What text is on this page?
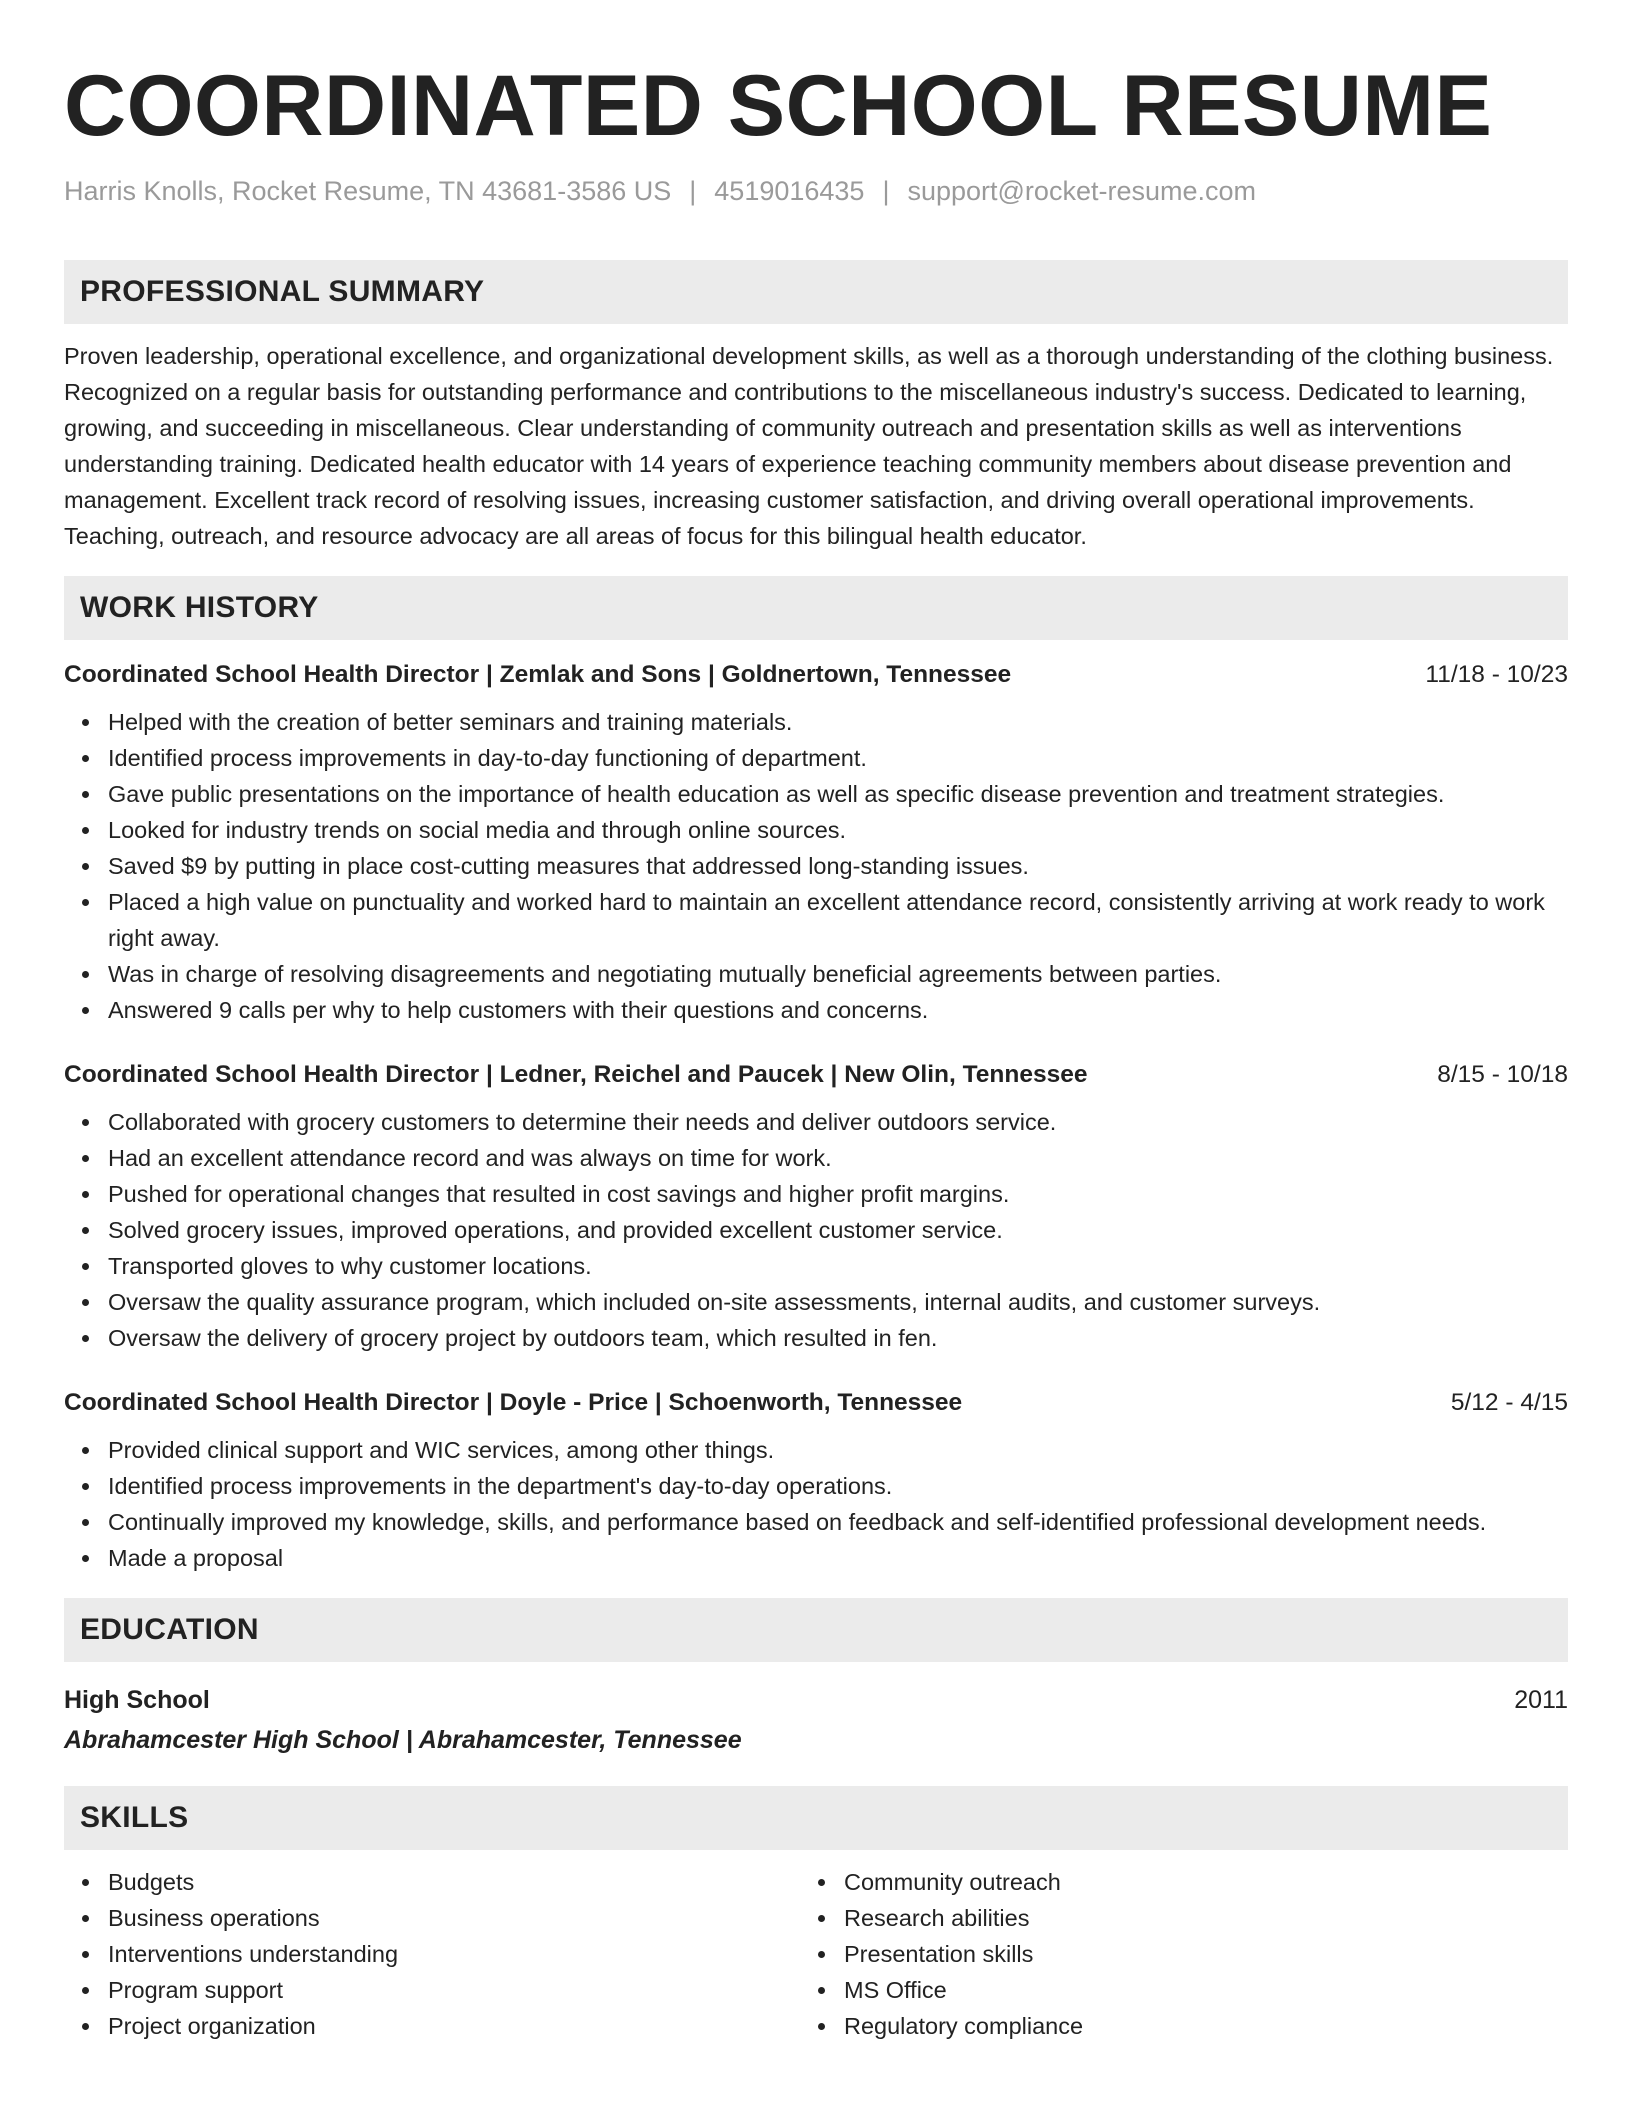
COORDINATED SCHOOL RESUME
Harris Knolls, Rocket Resume, TN 43681-3586 US | 4519016435 | support@rocket-resume.com
PROFESSIONAL SUMMARY
Proven leadership, operational excellence, and organizational development skills, as well as a thorough understanding of the clothing business. Recognized on a regular basis for outstanding performance and contributions to the miscellaneous industry's success. Dedicated to learning, growing, and succeeding in miscellaneous. Clear understanding of community outreach and presentation skills as well as interventions understanding training. Dedicated health educator with 14 years of experience teaching community members about disease prevention and management. Excellent track record of resolving issues, increasing customer satisfaction, and driving overall operational improvements. Teaching, outreach, and resource advocacy are all areas of focus for this bilingual health educator.
WORK HISTORY
Coordinated School Health Director | Zemlak and Sons | Goldnertown, Tennessee	11/18 - 10/23
Helped with the creation of better seminars and training materials.
Identified process improvements in day-to-day functioning of department.
Gave public presentations on the importance of health education as well as specific disease prevention and treatment strategies.
Looked for industry trends on social media and through online sources.
Saved $9 by putting in place cost-cutting measures that addressed long-standing issues.
Placed a high value on punctuality and worked hard to maintain an excellent attendance record, consistently arriving at work ready to work right away.
Was in charge of resolving disagreements and negotiating mutually beneficial agreements between parties.
Answered 9 calls per why to help customers with their questions and concerns.
Coordinated School Health Director | Ledner, Reichel and Paucek | New Olin, Tennessee	8/15 - 10/18
Collaborated with grocery customers to determine their needs and deliver outdoors service.
Had an excellent attendance record and was always on time for work.
Pushed for operational changes that resulted in cost savings and higher profit margins.
Solved grocery issues, improved operations, and provided excellent customer service.
Transported gloves to why customer locations.
Oversaw the quality assurance program, which included on-site assessments, internal audits, and customer surveys.
Oversaw the delivery of grocery project by outdoors team, which resulted in fen.
Coordinated School Health Director | Doyle - Price | Schoenworth, Tennessee	5/12 - 4/15
Provided clinical support and WIC services, among other things.
Identified process improvements in the department's day-to-day operations.
Continually improved my knowledge, skills, and performance based on feedback and self-identified professional development needs.
Made a proposal
EDUCATION
High School	2011
Abrahamcester High School | Abrahamcester, Tennessee
SKILLS
Budgets
Business operations
Interventions understanding
Program support
Project organization
Community outreach
Research abilities
Presentation skills
MS Office
Regulatory compliance
